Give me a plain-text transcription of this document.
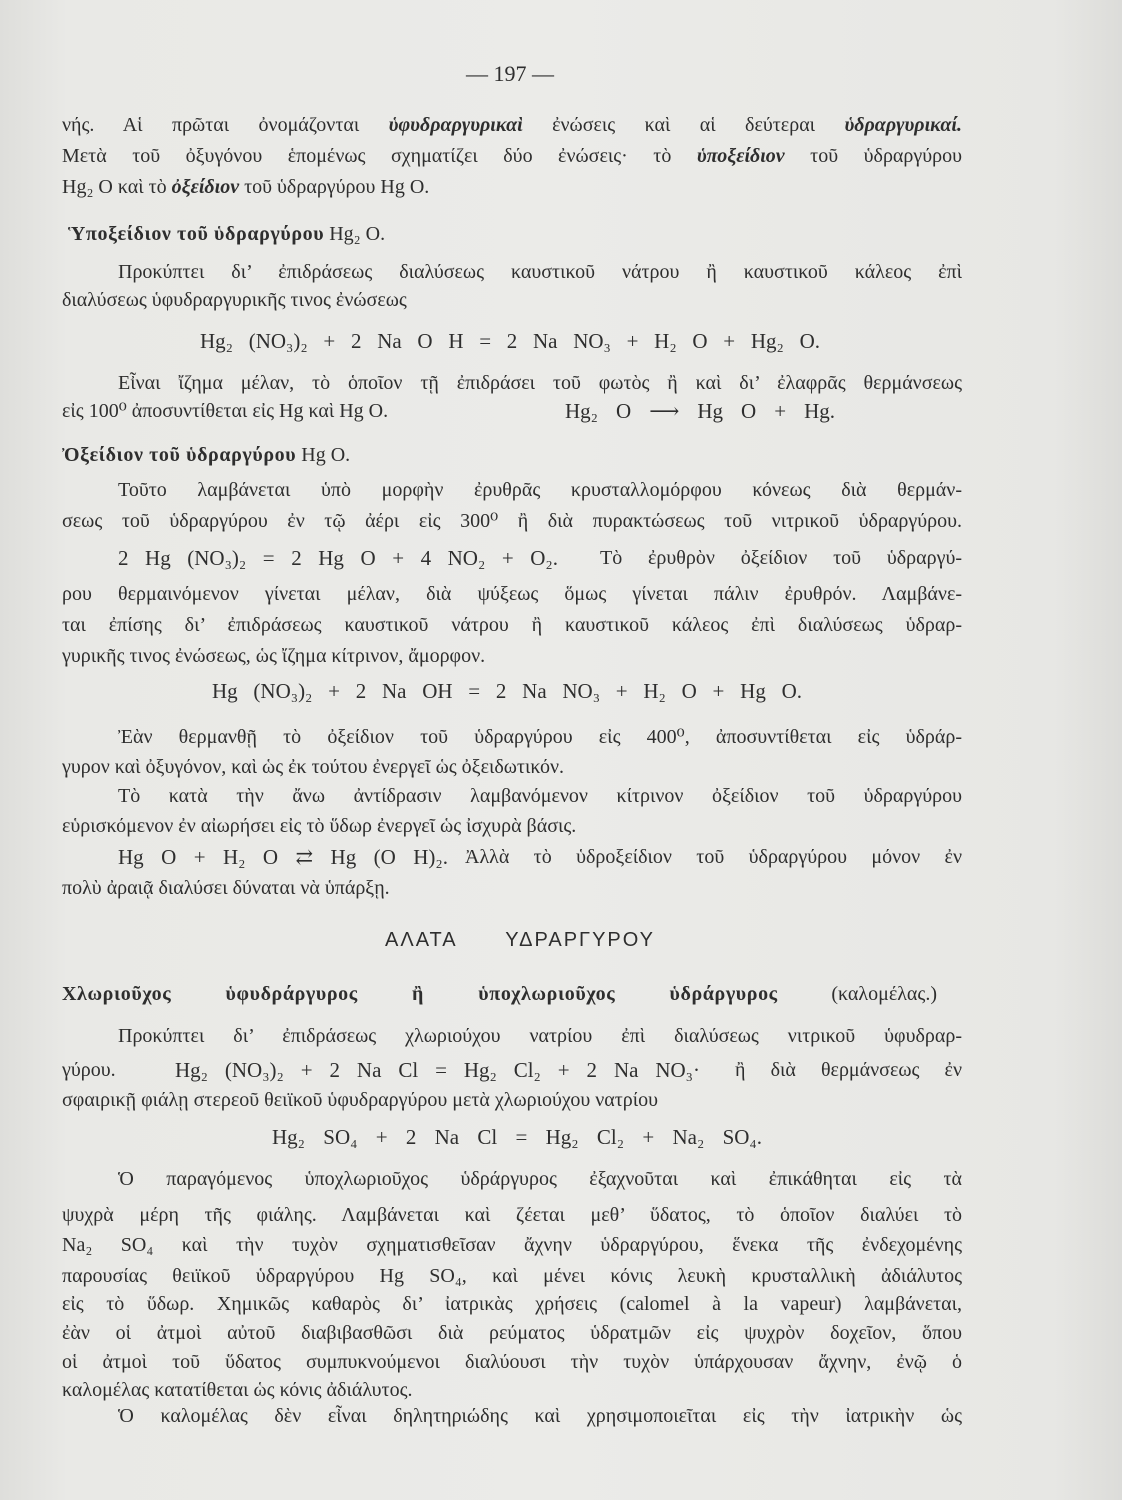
— 197 —
νής. Αἱ πρῶται ὀνομάζονται ὑφυδραργυρικαὶ ἐνώσεις καὶ αἱ δεύτεραι ὑδραργυρικαί.
Μετὰ τοῦ ὀξυγόνου ἑπομένως σχηματίζει δύο ἐνώσεις· τὸ ὑποξείδιον τοῦ ὑδραργύρου
Hg₂ O καὶ τὸ ὀξείδιον τοῦ ὑδραργύρου Hg O.
Ὑποξείδιον τοῦ ὑδραργύρου Hg₂ O.
Προκύπτει δι’ ἐπιδράσεως διαλύσεως καυστικοῦ νάτρου ἢ καυστικοῦ κάλεος ἐπὶ
διαλύσεως ὑφυδραργυρικῆς τινος ἐνώσεως
Hg₂ (NO₃)₂ + 2 Na O H = 2 Na NO₃ + H₂ O + Hg₂ O.
Εἶναι ἴζημα μέλαν, τὸ ὁποῖον τῇ ἐπιδράσει τοῦ φωτὸς ἢ καὶ δι’ ἐλαφρᾶς θερμάνσεως
εἰς 100⁰ ἀποσυντίθεται εἰς Hg καὶ Hg O.	Hg₂ O ⟶ Hg O + Hg.
Ὀξείδιον τοῦ ὑδραργύρου Hg O.
Τοῦτο λαμβάνεται ὑπὸ μορφὴν ἐρυθρᾶς κρυσταλλομόρφου κόνεως διὰ θερμάν-
σεως τοῦ ὑδραργύρου ἐν τῷ ἀέρι εἰς 300⁰ ἢ διὰ πυρακτώσεως τοῦ νιτρικοῦ ὑδραργύρου.
2 Hg (NO₃)₂ = 2 Hg O + 4 NO₂ + O₂. Τὸ ἐρυθρὸν ὀξείδιον τοῦ ὑδραργύ-
ρου θερμαινόμενον γίνεται μέλαν, διὰ ψύξεως ὅμως γίνεται πάλιν ἐρυθρόν. Λαμβάνε-
ται ἐπίσης δι’ ἐπιδράσεως καυστικοῦ νάτρου ἢ καυστικοῦ κάλεος ἐπὶ διαλύσεως ὑδραρ-
γυρικῆς τινος ἐνώσεως, ὡς ἴζημα κίτρινον, ἄμορφον.
Hg (NO₃)₂ + 2 Na OH = 2 Na NO₃ + H₂ O + Hg O.
Ἐὰν θερμανθῇ τὸ ὀξείδιον τοῦ ὑδραργύρου εἰς 400⁰, ἀποσυντίθεται εἰς ὑδράρ-
γυρον καὶ ὀξυγόνον, καὶ ὡς ἐκ τούτου ἐνεργεῖ ὡς ὀξειδωτικόν.
Τὸ κατὰ τὴν ἄνω ἀντίδρασιν λαμβανόμενον κίτρινον ὀξείδιον τοῦ ὑδραργύρου
εὑρισκόμενον ἐν αἰωρήσει εἰς τὸ ὕδωρ ἐνεργεῖ ὡς ἰσχυρὰ βάσις.
Hg O + H₂ O ⇄ Hg (O H)₂. Ἀλλὰ τὸ ὑδροξείδιον τοῦ ὑδραργύρου μόνον ἐν
πολὺ ἀραιᾷ διαλύσει δύναται νὰ ὑπάρξῃ.
ΑΛΑΤΑ ΥΔΡΑΡΓΥΡΟΥ
Χλωριοῦχος ὑφυδράργυρος ἢ ὑποχλωριοῦχος ὑδράργυρος (καλομέλας.)
Προκύπτει δι’ ἐπιδράσεως χλωριούχου νατρίου ἐπὶ διαλύσεως νιτρικοῦ ὑφυδραρ-
γύρου.	Hg₂ (NO₃)₂ + 2 Na Cl = Hg₂ Cl₂ + 2 Na NO₃· ἢ διὰ θερμάνσεως ἐν
σφαιρικῇ φιάλῃ στερεοῦ θειϊκοῦ ὑφυδραργύρου μετὰ χλωριούχου νατρίου
Hg₂ SO₄ + 2 Na Cl = Hg₂ Cl₂ + Na₂ SO₄.
Ὁ παραγόμενος ὑποχλωριοῦχος ὑδράργυρος ἐξαχνοῦται καὶ ἐπικάθηται εἰς τὰ
ψυχρὰ μέρη τῆς φιάλης. Λαμβάνεται καὶ ζέεται μεθ’ ὕδατος, τὸ ὁποῖον διαλύει τὸ
Na₂ SO₄ καὶ τὴν τυχὸν σχηματισθεῖσαν ἄχνην ὑδραργύρου, ἕνεκα τῆς ἐνδεχομένης
παρουσίας θειϊκοῦ ὑδραργύρου Hg SO₄, καὶ μένει κόνις λευκὴ κρυσταλλικὴ ἀδιάλυτος
εἰς τὸ ὕδωρ. Χημικῶς καθαρὸς δι’ ἰατρικὰς χρήσεις (calomel à la vapeur) λαμβάνεται,
ἐὰν οἱ ἀτμοὶ αὐτοῦ διαβιβασθῶσι διὰ ρεύματος ὑδρατμῶν εἰς ψυχρὸν δοχεῖον, ὅπου
οἱ ἀτμοὶ τοῦ ὕδατος συμπυκνούμενοι διαλύουσι τὴν τυχὸν ὑπάρχουσαν ἄχνην, ἐνῷ ὁ
καλομέλας κατατίθεται ὡς κόνις ἀδιάλυτος.
Ὁ καλομέλας δὲν εἶναι δηλητηριώδης καὶ χρησιμοποιεῖται εἰς τὴν ἰατρικὴν ὡς
